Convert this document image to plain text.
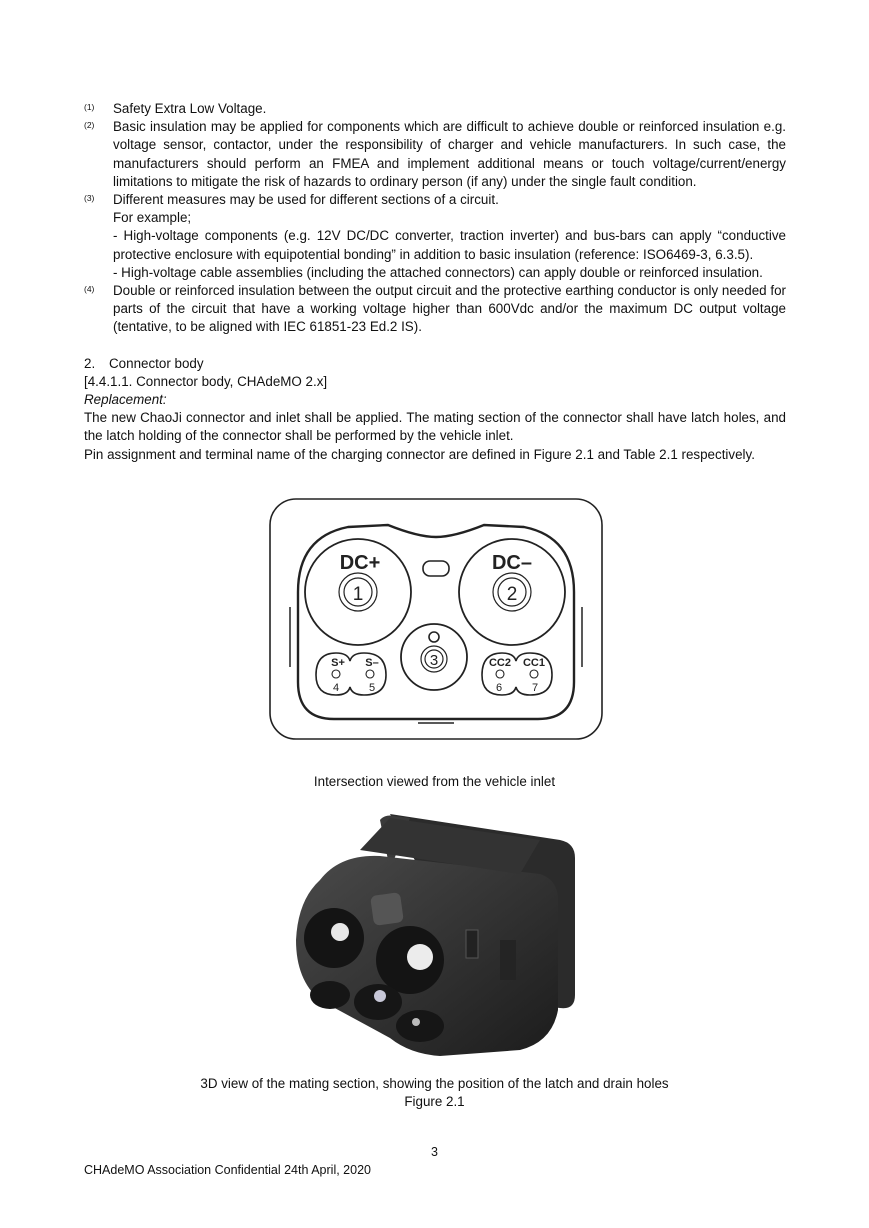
(1)	Safety Extra Low Voltage.

(2)	Basic insulation may be applied for components which are difficult to achieve double or reinforced insulation e.g. voltage sensor, contactor, under the responsibility of charger and vehicle manufacturers. In such case, the manufacturers should perform an FMEA and implement additional means or touch voltage/current/energy limitations to mitigate the risk of hazards to ordinary person (if any) under the single fault condition.

(3)	Different measures may be used for different sections of a circuit.

For example;

- High-voltage components (e.g. 12V DC/DC converter, traction inverter) and bus-bars can apply “conductive protective enclosure with equipotential bonding” in addition to basic insulation (reference: ISO6469-3, 6.3.5).

- High-voltage cable assemblies (including the attached connectors) can apply double or reinforced insulation.

(4)	Double or reinforced insulation between the output circuit and the protective earthing conductor is only needed for parts of the circuit that have a working voltage higher than 600Vdc and/or the maximum DC output voltage (tentative, to be aligned with IEC 61851-23 Ed.2 IS).

2. Connector body

[4.4.1.1. Connector body, CHAdeMO 2.x]

Replacement:

The new ChaoJi connector and inlet shall be applied. The mating section of the connector shall have latch holes, and the latch holding of the connector shall be performed by the vehicle inlet.

Pin assignment and terminal name of the charging connector are defined in Figure 2.1 and Table 2.1 respectively.

DC+	DC–
1	2
3
S+ S–
4	5
CC2 CC1
6	7
Intersection viewed from the vehicle inlet
3D view of the mating section, showing the position of the latch and drain holes
Figure 2.1
3
CHAdeMO Association Confidential 24th April, 2020
